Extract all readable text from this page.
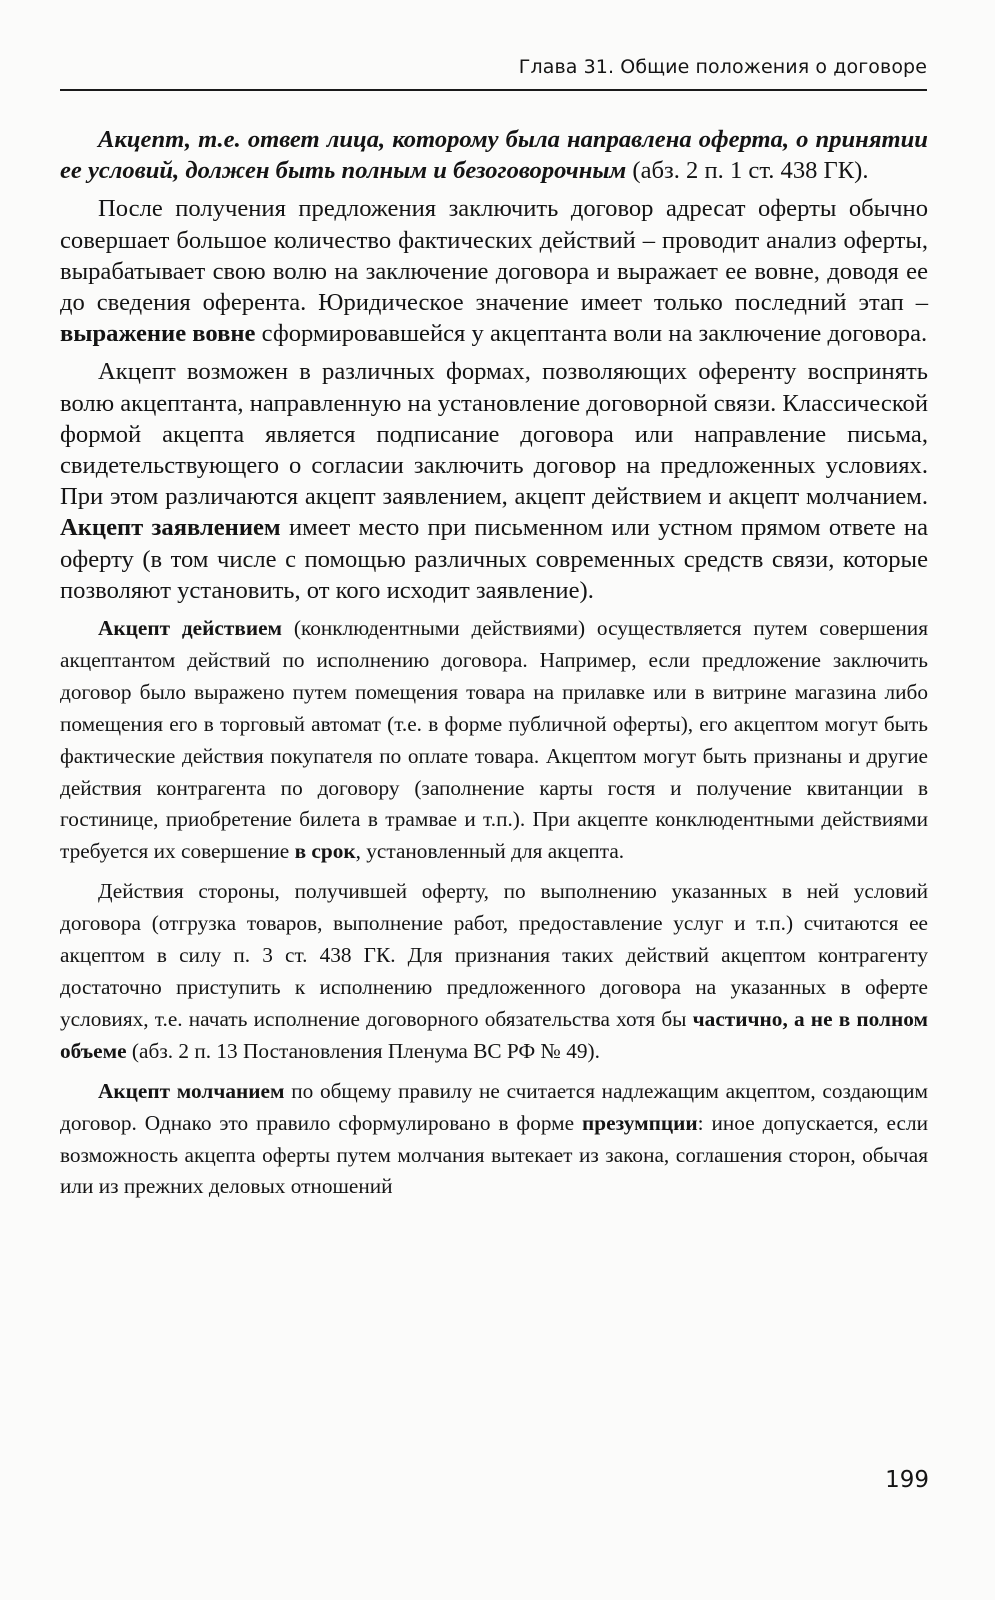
Глава 31. Общие положения о договоре

Акцепт, т.е. ответ лица, которому была направлена оферта, о принятии ее условий, должен быть полным и безоговорочным (абз. 2 п. 1 ст. 438 ГК).

После получения предложения заключить договор адресат оферты обычно совершает большое количество фактических действий – проводит анализ оферты, вырабатывает свою волю на заключение договора и выражает ее вовне, доводя ее до сведения оферента. Юридическое значение имеет только последний этап – выражение вовне сформировавшейся у акцептанта воли на заключение договора.

Акцепт возможен в различных формах, позволяющих оференту воспринять волю акцептанта, направленную на установление договорной связи. Классической формой акцепта является подписание договора или направление письма, свидетельствующего о согласии заключить договор на предложенных условиях. При этом различаются акцепт заявлением, акцепт действием и акцепт молчанием. Акцепт заявлением имеет место при письменном или устном прямом ответе на оферту (в том числе с помощью различных современных средств связи, которые позволяют установить, от кого исходит заявление).

Акцепт действием (конклюдентными действиями) осуществляется путем совершения акцептантом действий по исполнению договора. Например, если предложение заключить договор было выражено путем помещения товара на прилавке или в витрине магазина либо помещения его в торговый автомат (т.е. в форме публичной оферты), его акцептом могут быть фактические действия покупателя по оплате товара. Акцептом могут быть признаны и другие действия контрагента по договору (заполнение карты гостя и получение квитанции в гостинице, приобретение билета в трамвае и т.п.). При акцепте конклюдентными действиями требуется их совершение в срок, установленный для акцепта.

Действия стороны, получившей оферту, по выполнению указанных в ней условий договора (отгрузка товаров, выполнение работ, предоставление услуг и т.п.) считаются ее акцептом в силу п. 3 ст. 438 ГК. Для признания таких действий акцептом контрагенту достаточно приступить к исполнению предложенного договора на указанных в оферте условиях, т.е. начать исполнение договорного обязательства хотя бы частично, а не в полном объеме (абз. 2 п. 13 Постановления Пленума ВС РФ № 49).

Акцепт молчанием по общему правилу не считается надлежащим акцептом, создающим договор. Однако это правило сформулировано в форме презумпции: иное допускается, если возможность акцепта оферты путем молчания вытекает из закона, соглашения сторон, обычая или из прежних деловых отношений

199
